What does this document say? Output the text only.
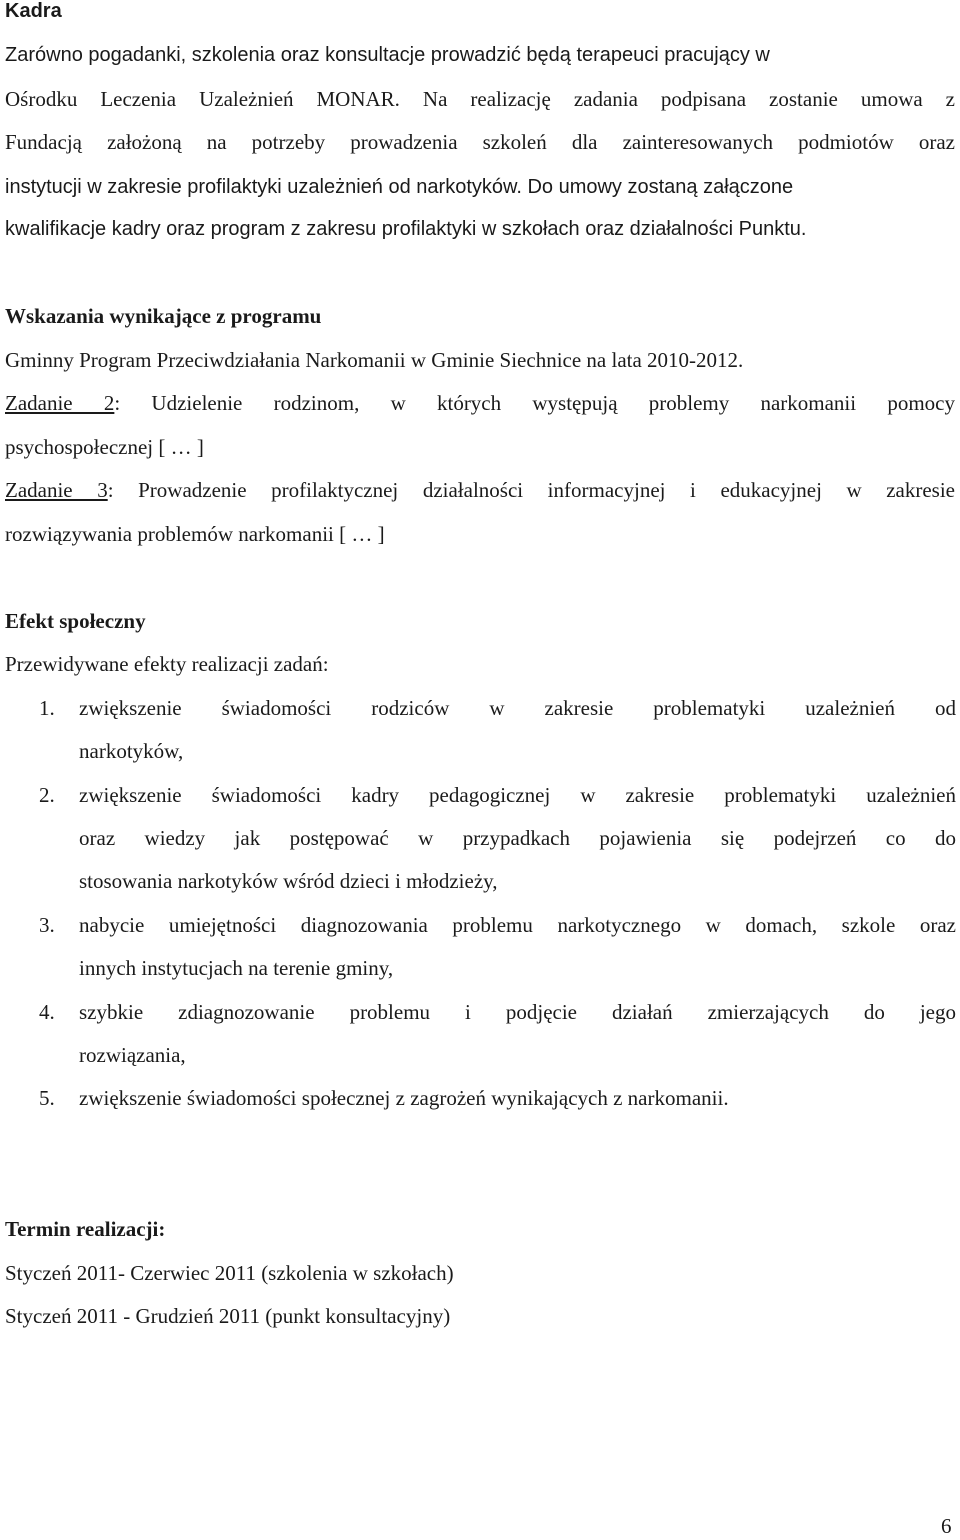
Kadra
Zarówno pogadanki, szkolenia oraz konsultacje prowadzić będą terapeuci pracujący w
Ośrodku Leczenia Uzależnień MONAR. Na realizację zadania podpisana zostanie umowa z
Fundacją założoną na potrzeby prowadzenia szkoleń dla zainteresowanych podmiotów oraz
instytucji w zakresie profilaktyki uzależnień od narkotyków. Do umowy zostaną załączone
kwalifikacje kadry oraz program z zakresu profilaktyki w szkołach oraz działalności Punktu.
Wskazania wynikające z programu
Gminny Program Przeciwdziałania Narkomanii w Gminie Siechnice na lata 2010-2012.
Zadanie 2: Udzielenie rodzinom, w których występują problemy narkomanii pomocy
psychospołecznej [ … ]
Zadanie 3: Prowadzenie profilaktycznej działalności informacyjnej i edukacyjnej w zakresie
rozwiązywania problemów narkomanii [ … ]
Efekt społeczny
Przewidywane efekty realizacji zadań:
1. zwiększenie świadomości rodziców w zakresie problematyki uzależnień od
narkotyków,
2. zwiększenie świadomości kadry pedagogicznej w zakresie problematyki uzależnień
oraz wiedzy jak postępować w przypadkach pojawienia się podejrzeń co do
stosowania narkotyków wśród dzieci i młodzieży,
3. nabycie umiejętności diagnozowania problemu narkotycznego w domach, szkole oraz
innych instytucjach na terenie gminy,
4. szybkie zdiagnozowanie problemu i podjęcie działań zmierzających do jego
rozwiązania,
5. zwiększenie świadomości społecznej z zagrożeń wynikających z narkomanii.
Termin realizacji:
Styczeń 2011- Czerwiec 2011 (szkolenia w szkołach)
Styczeń 2011 - Grudzień 2011 (punkt konsultacyjny)
6
